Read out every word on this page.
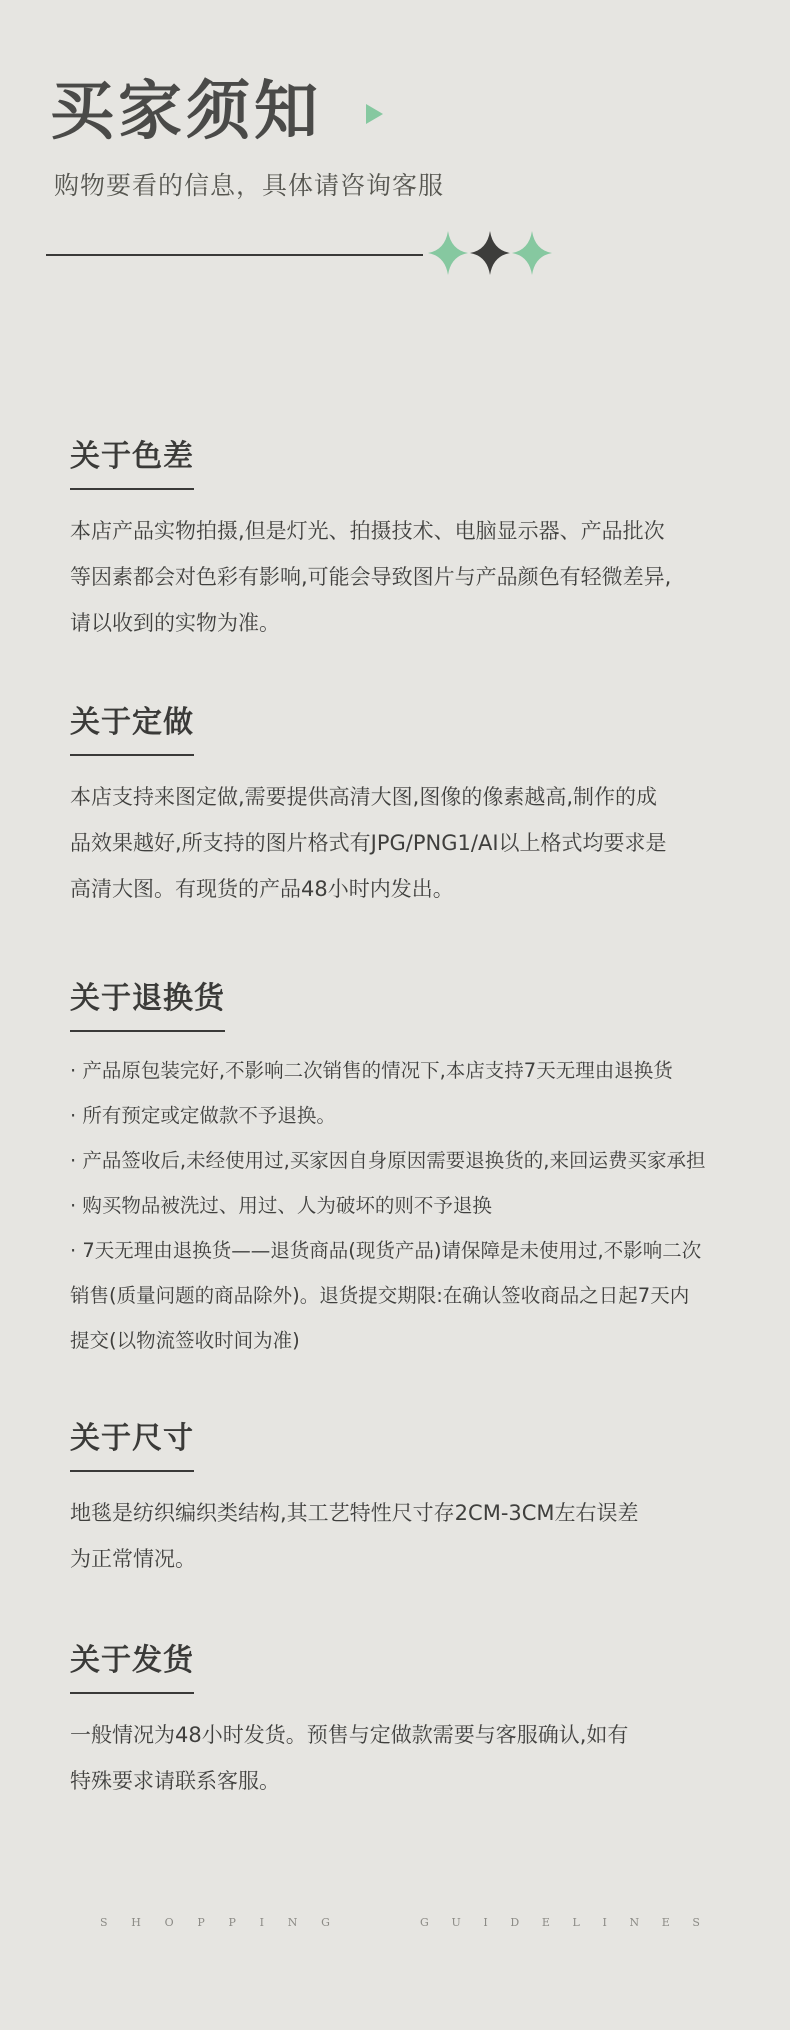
买家须知

购物要看的信息，具体请咨询客服

关于色差
本店产品实物拍摄,但是灯光、拍摄技术、电脑显示器、产品批次
等因素都会对色彩有影响,可能会导致图片与产品颜色有轻微差异,
请以收到的实物为准。
关于定做
本店支持来图定做,需要提供高清大图,图像的像素越高,制作的成
品效果越好,所支持的图片格式有JPG/PNG1/AI以上格式均要求是
高清大图。有现货的产品48小时内发出。
关于退换货
· 产品原包装完好,不影响二次销售的情况下,本店支持7天无理由退换货
· 所有预定或定做款不予退换。
· 产品签收后,未经使用过,买家因自身原因需要退换货的,来回运费买家承担
· 购买物品被洗过、用过、人为破坏的则不予退换
· 7天无理由退换货——退货商品(现货产品)请保障是未使用过,不影响二次
销售(质量问题的商品除外)。退货提交期限:在确认签收商品之日起7天内
提交(以物流签收时间为准)
关于尺寸
地毯是纺织编织类结构,其工艺特性尺寸存2CM-3CM左右误差
为正常情况。
关于发货
一般情况为48小时发货。预售与定做款需要与客服确认,如有
特殊要求请联系客服。
S H O P P I N G	G U I D E L I N E S
